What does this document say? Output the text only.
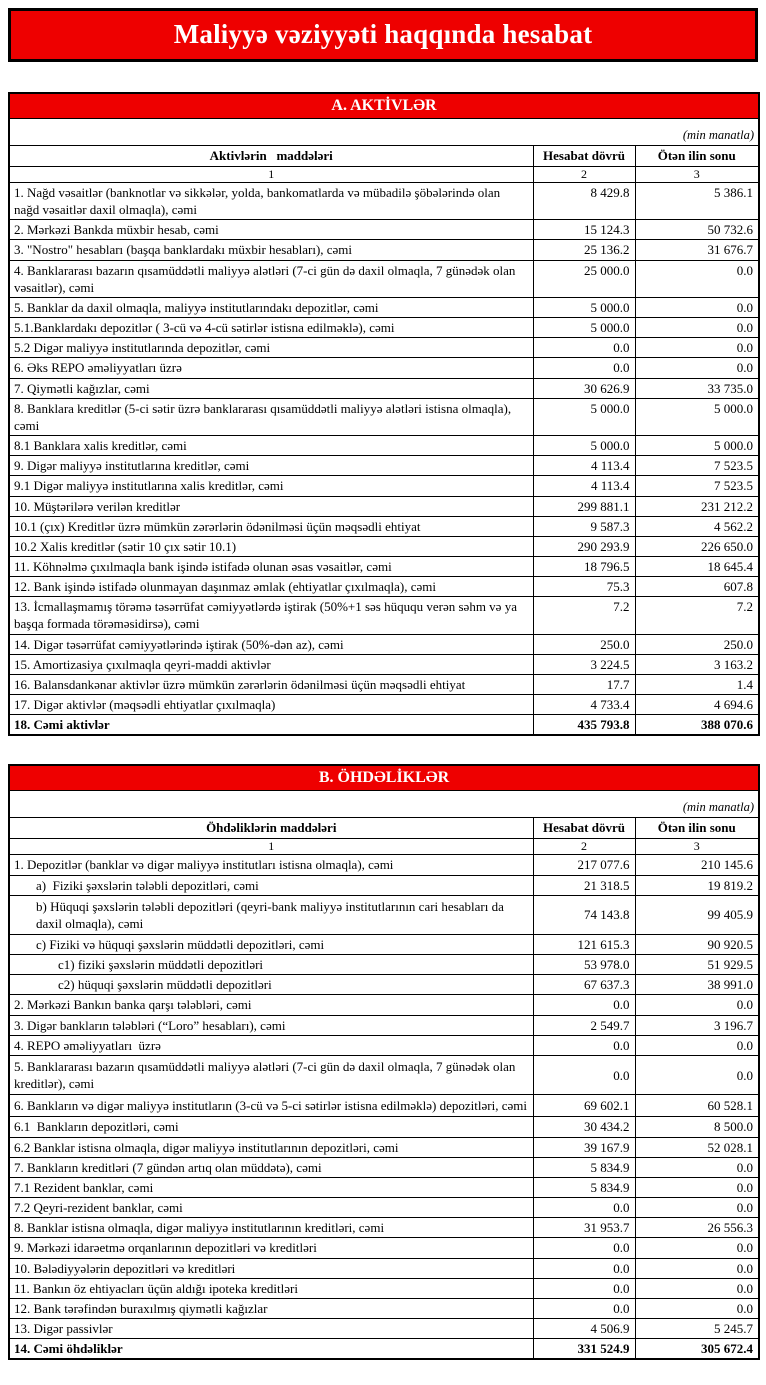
Maliyyə vəziyyəti haqqında hesabat
A. AKTİVLƏR		

(min manatla)		
Aktivlərin   maddələri	Hesabat dövrü	Ötən ilin sonu
1	2	3
1. Nağd vəsaitlər (banknotlar və sikkələr, yolda, bankomatlarda və mübadilə şöbələrində olan nağd vəsaitlər daxil olmaqla), cəmi	8 429.8	5 386.1
2. Mərkəzi Bankda müxbir hesab, cəmi	15 124.3	50 732.6
3. "Nostro" hesabları (başqa banklardakı müxbir hesabları), cəmi	25 136.2	31 676.7
4. Banklararası bazarın qısamüddətli maliyyə alətləri (7-ci gün də daxil olmaqla, 7 günədək olan vəsaitlər), cəmi	25 000.0	0.0
5. Banklar da daxil olmaqla, maliyyə institutlarındakı depozitlər, cəmi	5 000.0	0.0
5.1.Banklardakı depozitlər ( 3-cü və 4-cü sətirlər istisna edilməklə), cəmi	5 000.0	0.0
5.2 Digər maliyyə institutlarında depozitlər, cəmi	0.0	0.0
6. Əks REPO əməliyyatları üzrə	0.0	0.0
7. Qiymətli kağızlar, cəmi	30 626.9	33 735.0
8. Banklara kreditlər (5-ci sətir üzrə banklararası qısamüddətli maliyyə alətləri istisna olmaqla), cəmi	5 000.0	5 000.0
8.1 Banklara xalis kreditlər, cəmi	5 000.0	5 000.0
9. Digər maliyyə institutlarına kreditlər, cəmi	4 113.4	7 523.5
9.1 Digər maliyyə institutlarına xalis kreditlər, cəmi	4 113.4	7 523.5
10. Müştərilərə verilən kreditlər	299 881.1	231 212.2
10.1 (çıx) Kreditlər üzrə mümkün zərərlərin ödənilməsi üçün məqsədli ehtiyat	9 587.3	4 562.2
10.2 Xalis kreditlər (sətir 10 çıx sətir 10.1)	290 293.9	226 650.0
11. Köhnəlmə çıxılmaqla bank işində istifadə olunan əsas vəsaitlər, cəmi	18 796.5	18 645.4
12. Bank işində istifadə olunmayan daşınmaz əmlak (ehtiyatlar çıxılmaqla), cəmi	75.3	607.8
13. İcmallaşmamış törəmə təsərrüfat cəmiyyətlərdə iştirak (50%+1 səs hüququ verən səhm və ya başqa formada törəməsidirsə), cəmi	7.2	7.2
14. Digər təsərrüfat cəmiyyətlərində iştirak (50%-dən az), cəmi	250.0	250.0
15. Amortizasiya çıxılmaqla qeyri-maddi aktivlər	3 224.5	3 163.2
16. Balansdankənar aktivlər üzrə mümkün zərərlərin ödənilməsi üçün məqsədli ehtiyat	17.7	1.4
17. Digər aktivlər (məqsədli ehtiyatlar çıxılmaqla)	4 733.4	4 694.6
18. Cəmi aktivlər	435 793.8	388 070.6
B. ÖHDƏLİKLƏR		

(min manatla)		
Öhdəliklərin maddələri	Hesabat dövrü	Ötən ilin sonu
1	2	3
1. Depozitlər (banklar və digər maliyyə institutları istisna olmaqla), cəmi	217 077.6	210 145.6
a)  Fiziki şəxslərin tələbli depozitləri, cəmi	21 318.5	19 819.2
b) Hüquqi şəxslərin tələbli depozitləri (qeyri-bank maliyyə institutlarının cari hesabları da daxil olmaqla), cəmi	74 143.8	99 405.9
c) Fiziki və hüquqi şəxslərin müddətli depozitləri, cəmi	121 615.3	90 920.5
c1) fiziki şəxslərin müddətli depozitləri	53 978.0	51 929.5
c2) hüquqi şəxslərin müddətli depozitləri	67 637.3	38 991.0
2. Mərkəzi Bankın banka qarşı tələbləri, cəmi	0.0	0.0
3. Digər bankların tələbləri (“Loro” hesabları), cəmi	2 549.7	3 196.7
4. REPO əməliyyatları  üzrə	0.0	0.0
5. Banklararası bazarın qısamüddətli maliyyə alətləri (7-ci gün də daxil olmaqla, 7 günədək olan kreditlər), cəmi	0.0	0.0
6. Bankların və digər maliyyə institutların (3-cü və 5-ci sətirlər istisna edilməklə) depozitləri, cəmi	69 602.1	60 528.1
6.1  Bankların depozitləri, cəmi	30 434.2	8 500.0
6.2 Banklar istisna olmaqla, digər maliyyə institutlarının depozitləri, cəmi	39 167.9	52 028.1
7. Bankların kreditləri (7 gündən artıq olan müddətə), cəmi	5 834.9	0.0
7.1 Rezident banklar, cəmi	5 834.9	0.0
7.2 Qeyri-rezident banklar, cəmi	0.0	0.0
8. Banklar istisna olmaqla, digər maliyyə institutlarının kreditləri, cəmi	31 953.7	26 556.3
9. Mərkəzi idarəetmə orqanlarının depozitləri və kreditləri	0.0	0.0
10. Bələdiyyələrin depozitləri və kreditləri	0.0	0.0
11. Bankın öz ehtiyacları üçün aldığı ipoteka kreditləri	0.0	0.0
12. Bank tərəfindən buraxılmış qiymətli kağızlar	0.0	0.0
13. Digər passivlər	4 506.9	5 245.7
14. Cəmi öhdəliklər	331 524.9	305 672.4
